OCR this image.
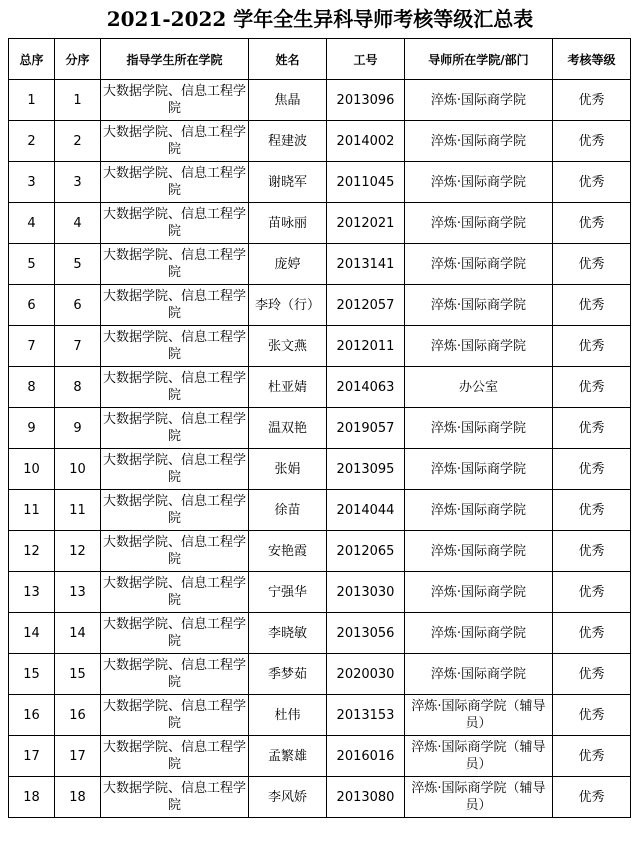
2021-2022 学年全生异科导师考核等级汇总表
总序	分序	指导学生所在学院	姓名	工号	导师所在学院/部门	考核等级
1	1	大数据学院、信息工程学院	焦晶	2013096	淬炼·国际商学院	优秀
2	2	大数据学院、信息工程学院	程建波	2014002	淬炼·国际商学院	优秀
3	3	大数据学院、信息工程学院	谢晓军	2011045	淬炼·国际商学院	优秀
4	4	大数据学院、信息工程学院	苗咏丽	2012021	淬炼·国际商学院	优秀
5	5	大数据学院、信息工程学院	庞婷	2013141	淬炼·国际商学院	优秀
6	6	大数据学院、信息工程学院	李玲（行）	2012057	淬炼·国际商学院	优秀
7	7	大数据学院、信息工程学院	张文燕	2012011	淬炼·国际商学院	优秀
8	8	大数据学院、信息工程学院	杜亚婧	2014063	办公室	优秀
9	9	大数据学院、信息工程学院	温双艳	2019057	淬炼·国际商学院	优秀
10	10	大数据学院、信息工程学院	张娟	2013095	淬炼·国际商学院	优秀
11	11	大数据学院、信息工程学院	徐苗	2014044	淬炼·国际商学院	优秀
12	12	大数据学院、信息工程学院	安艳霞	2012065	淬炼·国际商学院	优秀
13	13	大数据学院、信息工程学院	宁强华	2013030	淬炼·国际商学院	优秀
14	14	大数据学院、信息工程学院	李晓敏	2013056	淬炼·国际商学院	优秀
15	15	大数据学院、信息工程学院	季梦茹	2020030	淬炼·国际商学院	优秀
16	16	大数据学院、信息工程学院	杜伟	2013153	淬炼·国际商学院（辅导员）	优秀
17	17	大数据学院、信息工程学院	孟繁雄	2016016	淬炼·国际商学院（辅导员）	优秀
18	18	大数据学院、信息工程学院	李风娇	2013080	淬炼·国际商学院（辅导员）	优秀
